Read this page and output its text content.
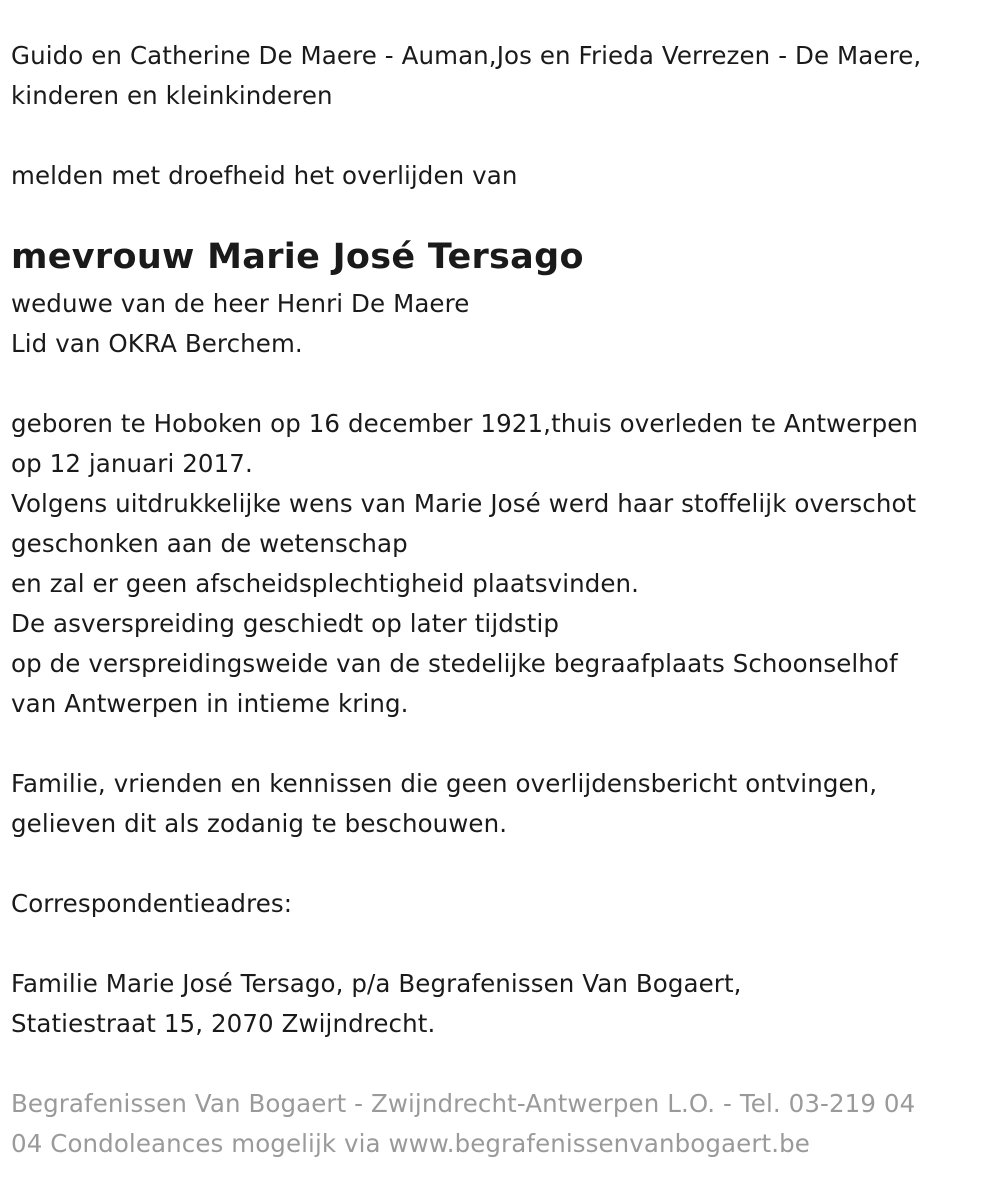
Guido en Catherine De Maere - Auman,Jos en Frieda Verrezen - De Maere,
kinderen en kleinkinderen
melden met droefheid het overlijden van
mevrouw Marie José Tersago
weduwe van de heer Henri De Maere
Lid van OKRA Berchem.
geboren te Hoboken op 16 december 1921,thuis overleden te Antwerpen
op 12 januari 2017.
Volgens uitdrukkelijke wens van Marie José werd haar stoffelijk overschot
geschonken aan de wetenschap
en zal er geen afscheidsplechtigheid plaatsvinden.
De asverspreiding geschiedt op later tijdstip
op de verspreidingsweide van de stedelijke begraafplaats Schoonselhof
van Antwerpen in intieme kring.
Familie, vrienden en kennissen die geen overlijdensbericht ontvingen,
gelieven dit als zodanig te beschouwen.
Correspondentieadres:
Familie Marie José Tersago, p/a Begrafenissen Van Bogaert,
Statiestraat 15, 2070 Zwijndrecht.
Begrafenissen Van Bogaert - Zwijndrecht-Antwerpen L.O. - Tel. 03-219 04
04 Condoleances mogelijk via www.begrafenissenvanbogaert.be
